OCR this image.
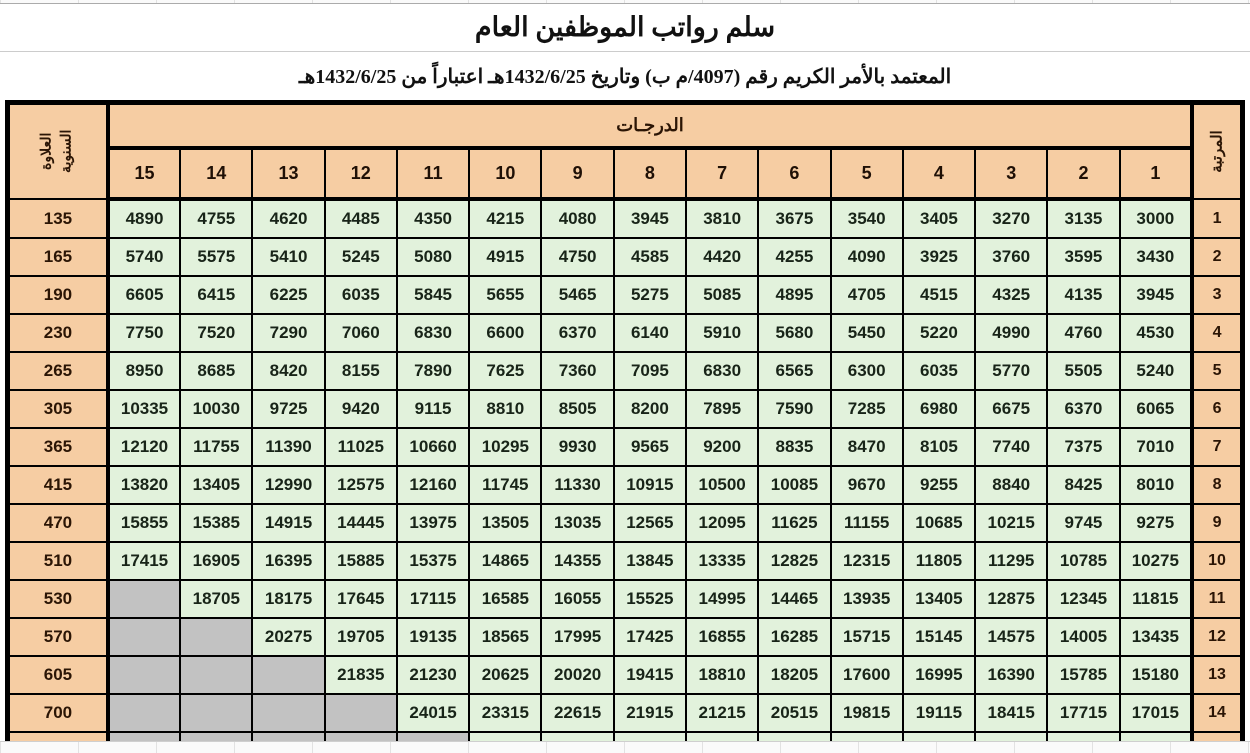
سلم رواتب الموظفين العام
المعتمد بالأمر الكريم رقم (4097/م ب) وتاريخ 1432/6/25هـ اعتباراً من 1432/6/25هـ
العلاوة السنوية	الدرجـات															المرتبة
	15	14	13	12	11	10	9	8	7	6	5	4	3	2	1	
135	4890	4755	4620	4485	4350	4215	4080	3945	3810	3675	3540	3405	3270	3135	3000	1
165	5740	5575	5410	5245	5080	4915	4750	4585	4420	4255	4090	3925	3760	3595	3430	2
190	6605	6415	6225	6035	5845	5655	5465	5275	5085	4895	4705	4515	4325	4135	3945	3
230	7750	7520	7290	7060	6830	6600	6370	6140	5910	5680	5450	5220	4990	4760	4530	4
265	8950	8685	8420	8155	7890	7625	7360	7095	6830	6565	6300	6035	5770	5505	5240	5
305	10335	10030	9725	9420	9115	8810	8505	8200	7895	7590	7285	6980	6675	6370	6065	6
365	12120	11755	11390	11025	10660	10295	9930	9565	9200	8835	8470	8105	7740	7375	7010	7
415	13820	13405	12990	12575	12160	11745	11330	10915	10500	10085	9670	9255	8840	8425	8010	8
470	15855	15385	14915	14445	13975	13505	13035	12565	12095	11625	11155	10685	10215	9745	9275	9
510	17415	16905	16395	15885	15375	14865	14355	13845	13335	12825	12315	11805	11295	10785	10275	10
530		18705	18175	17645	17115	16585	16055	15525	14995	14465	13935	13405	12875	12345	11815	11
570			20275	19705	19135	18565	17995	17425	16855	16285	15715	15145	14575	14005	13435	12
605				21835	21230	20625	20020	19415	18810	18205	17600	16995	16390	15785	15180	13
700					24015	23315	22615	21915	21215	20515	19815	19115	18415	17715	17015	14
